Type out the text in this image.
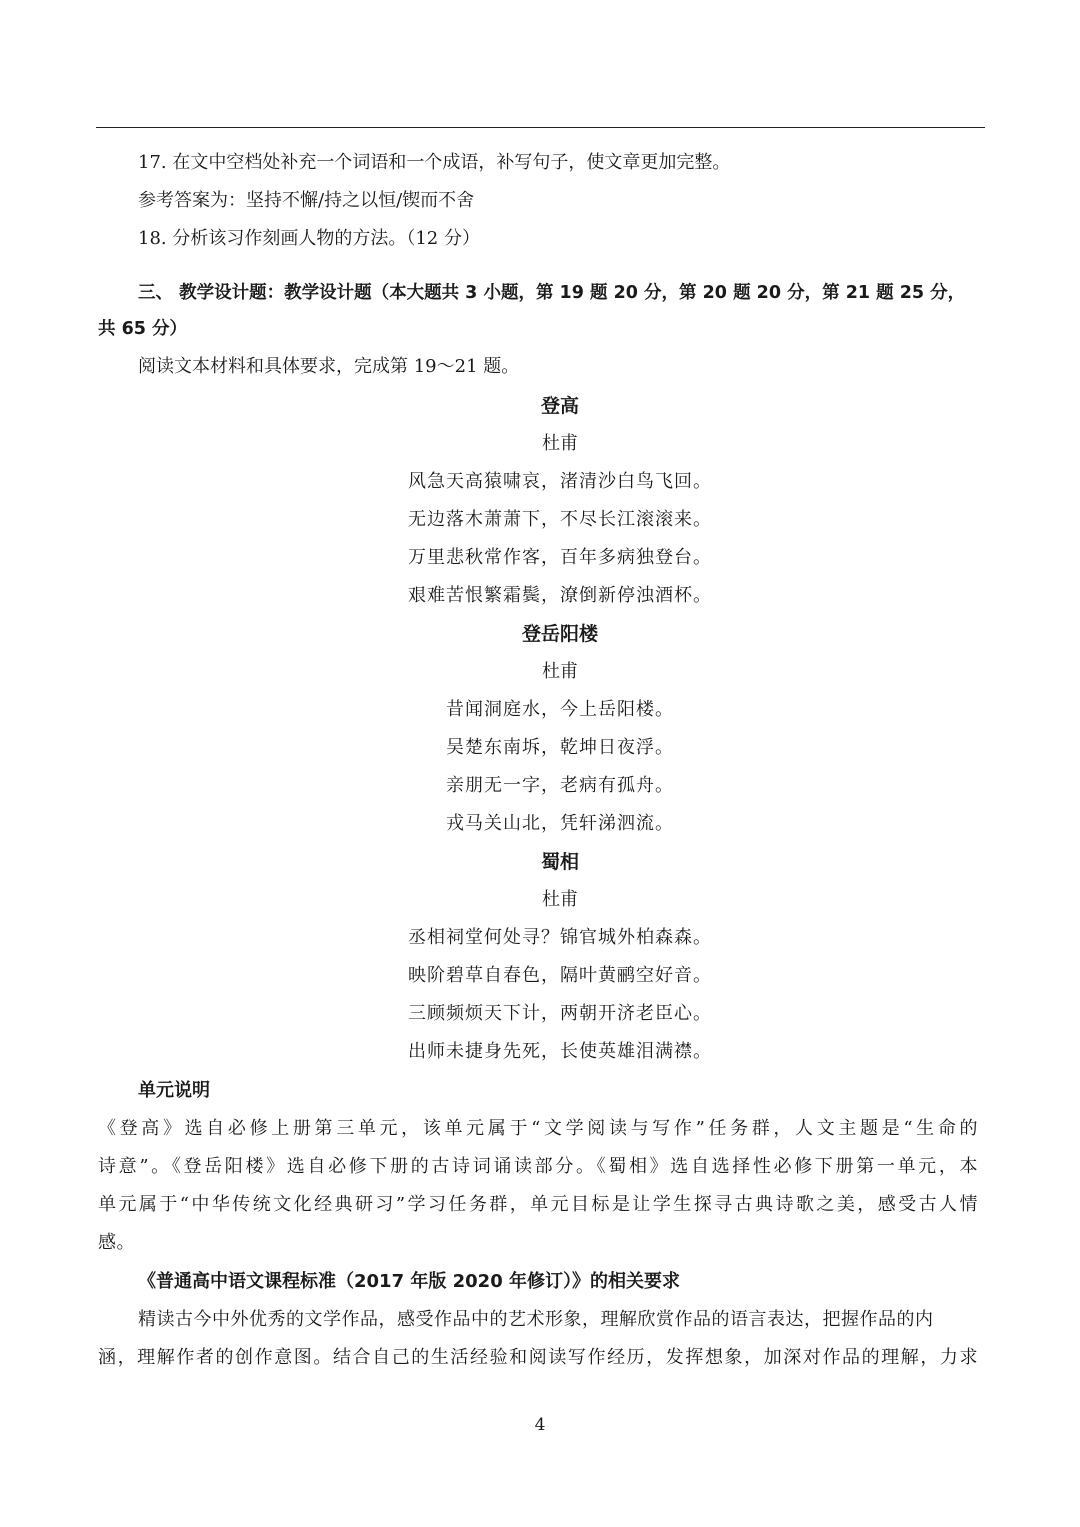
17. 在文中空档处补充一个词语和一个成语，补写句子，使文章更加完整。
参考答案为：坚持不懈/持之以恒/锲而不舍
18. 分析该习作刻画人物的方法。（12 分）
三、 教学设计题：教学设计题（本大题共 3 小题，第 19 题 20 分，第 20 题 20 分，第 21 题 25 分，
共 65 分）
阅读文本材料和具体要求，完成第 19～21 题。
登高
杜甫
风急天高猿啸哀，渚清沙白鸟飞回。
无边落木萧萧下，不尽长江滚滚来。
万里悲秋常作客，百年多病独登台。
艰难苦恨繁霜鬓，潦倒新停浊酒杯。
登岳阳楼
杜甫
昔闻洞庭水，今上岳阳楼。
吴楚东南坼，乾坤日夜浮。
亲朋无一字，老病有孤舟。
戎马关山北，凭轩涕泗流。
蜀相
杜甫
丞相祠堂何处寻？锦官城外柏森森。
映阶碧草自春色，隔叶黄鹂空好音。
三顾频烦天下计，两朝开济老臣心。
出师未捷身先死，长使英雄泪满襟。
单元说明
《登高》选自必修上册第三单元，该单元属于“文学阅读与写作”任务群，人文主题是“生命的
诗意”。《登岳阳楼》选自必修下册的古诗词诵读部分。《蜀相》选自选择性必修下册第一单元，本
单元属于“中华传统文化经典研习”学习任务群，单元目标是让学生探寻古典诗歌之美，感受古人情
感。
《普通高中语文课程标准（2017 年版 2020 年修订）》的相关要求
精读古今中外优秀的文学作品，感受作品中的艺术形象，理解欣赏作品的语言表达，把握作品的内
涵，理解作者的创作意图。结合自己的生活经验和阅读写作经历，发挥想象，加深对作品的理解，力求
4
